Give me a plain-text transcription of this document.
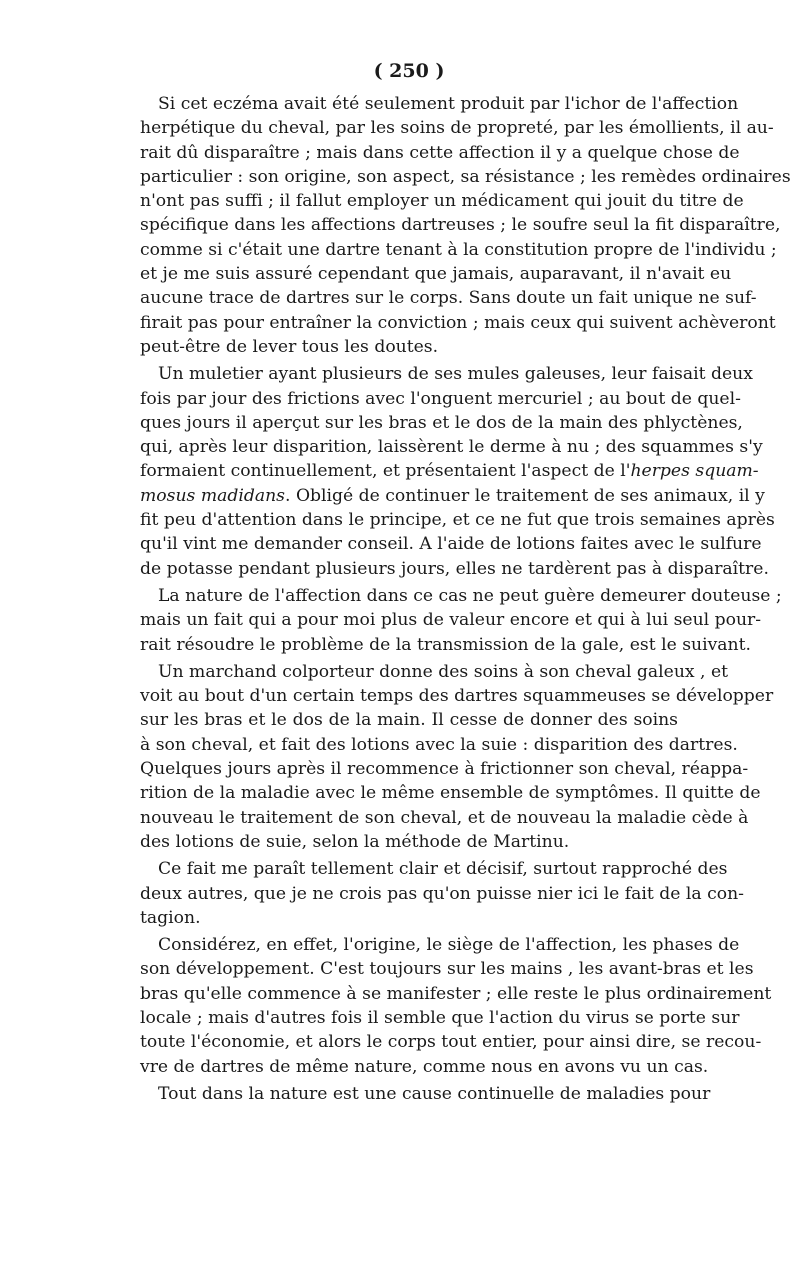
( 250 )

Si cet eczéma avait été seulement produit par l'ichor de l'affection
herpétique du cheval, par les soins de propreté, par les émollients, il au-
rait dû disparaître ; mais dans cette affection il y a quelque chose de
particulier : son origine, son aspect, sa résistance ; les remèdes ordinaires
n'ont pas suffi ; il fallut employer un médicament qui jouit du titre de
spécifique dans les affections dartreuses ; le soufre seul la fit disparaître,
comme si c'était une dartre tenant à la constitution propre de l'individu ;
et je me suis assuré cependant que jamais, auparavant, il n'avait eu
aucune trace de dartres sur le corps. Sans doute un fait unique ne suf-
firait pas pour entraîner la conviction ; mais ceux qui suivent achèveront
peut-être de lever tous les doutes.

Un muletier ayant plusieurs de ses mules galeuses, leur faisait deux
fois par jour des frictions avec l'onguent mercuriel ; au bout de quel-
ques jours il aperçut sur les bras et le dos de la main des phlyctènes,
qui, après leur disparition, laissèrent le derme à nu ; des squammes s'y
formaient continuellement, et présentaient l'aspect de l'herpes squam-
mosus madidans. Obligé de continuer le traitement de ses animaux, il y
fit peu d'attention dans le principe, et ce ne fut que trois semaines après
qu'il vint me demander conseil. A l'aide de lotions faites avec le sulfure
de potasse pendant plusieurs jours, elles ne tardèrent pas à disparaître.

La nature de l'affection dans ce cas ne peut guère demeurer douteuse ;
mais un fait qui a pour moi plus de valeur encore et qui à lui seul pour-
rait résoudre le problème de la transmission de la gale, est le suivant.

Un marchand colporteur donne des soins à son cheval galeux , et
voit au bout d'un certain temps des dartres squammeuses se développer
sur les bras et le dos de la main. Il cesse de donner des soins
à son cheval, et fait des lotions avec la suie : disparition des dartres.
Quelques jours après il recommence à frictionner son cheval, réappa-
rition de la maladie avec le même ensemble de symptômes. Il quitte de
nouveau le traitement de son cheval, et de nouveau la maladie cède à
des lotions de suie, selon la méthode de Martinu.

Ce fait me paraît tellement clair et décisif, surtout rapproché des
deux autres, que je ne crois pas qu'on puisse nier ici le fait de la con-
tagion.

Considérez, en effet, l'origine, le siège de l'affection, les phases de
son développement. C'est toujours sur les mains , les avant-bras et les
bras qu'elle commence à se manifester ; elle reste le plus ordinairement
locale ; mais d'autres fois il semble que l'action du virus se porte sur
toute l'économie, et alors le corps tout entier, pour ainsi dire, se recou-
vre de dartres de même nature, comme nous en avons vu un cas.

Tout dans la nature est une cause continuelle de maladies pour
